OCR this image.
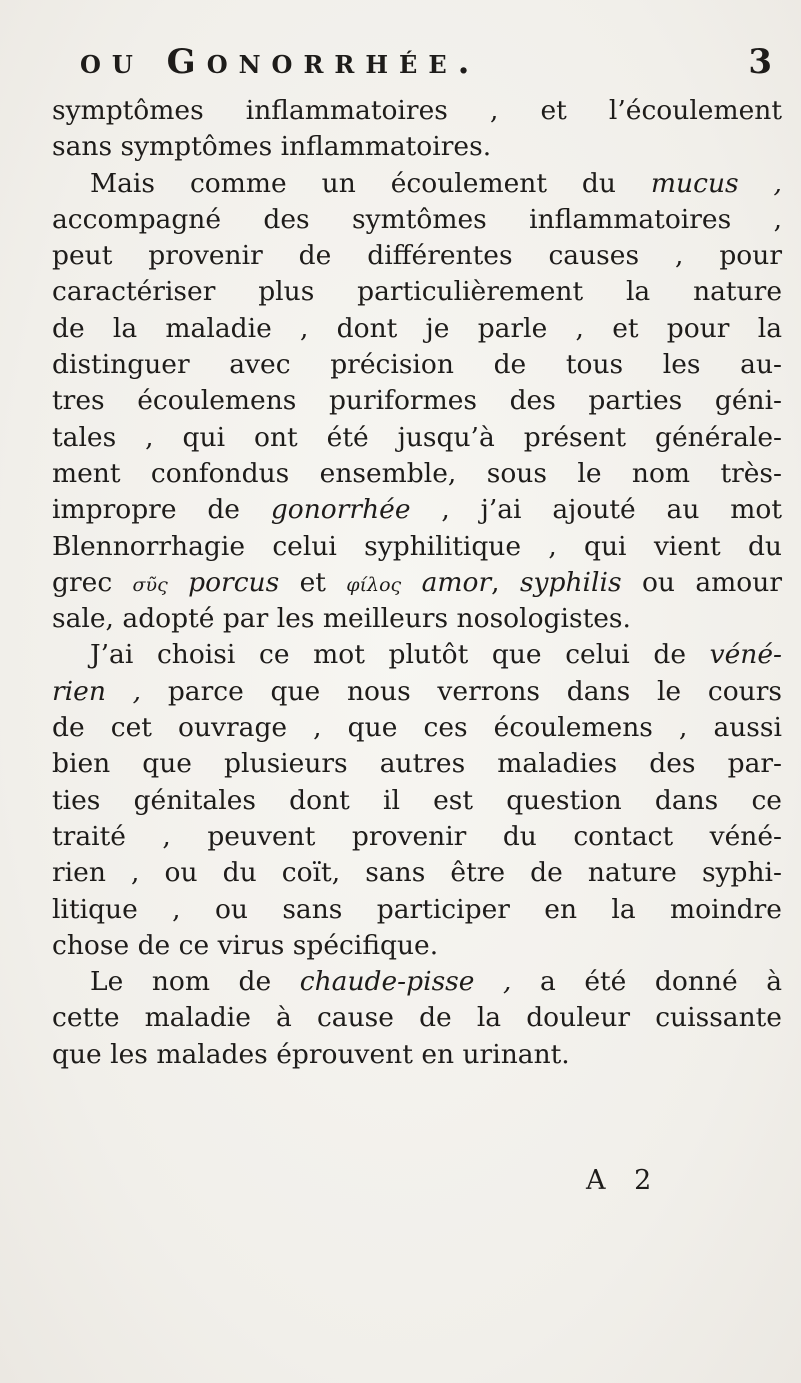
ou Gonorrhée.	3
symptômes inflammatoires , et l’écoulement
sans symptômes inflammatoires.
Mais comme un écoulement du mucus ,
accompagné des symtômes inflammatoires ,
peut provenir de différentes causes , pour
caractériser plus particulièrement la nature
de la maladie , dont je parle , et pour la
distinguer avec précision de tous les au-
tres écoulemens puriformes des parties géni-
tales , qui ont été jusqu’à présent générale-
ment confondus ensemble, sous le nom très-
impropre de gonorrhée , j’ai ajouté au mot
Blennorrhagie celui syphilitique , qui vient du
grec σῦς porcus et φίλος amor, syphilis ou amour
sale, adopté par les meilleurs nosologistes.
J’ai choisi ce mot plutôt que celui de véné-
rien , parce que nous verrons dans le cours
de cet ouvrage , que ces écoulemens , aussi
bien que plusieurs autres maladies des par-
ties génitales dont il est question dans ce
traité , peuvent provenir du contact véné-
rien , ou du coït, sans être de nature syphi-
litique , ou sans participer en la moindre
chose de ce virus spécifique.
Le nom de chaude-pisse , a été donné à
cette maladie à cause de la douleur cuissante
que les malades éprouvent en urinant.
A 2
